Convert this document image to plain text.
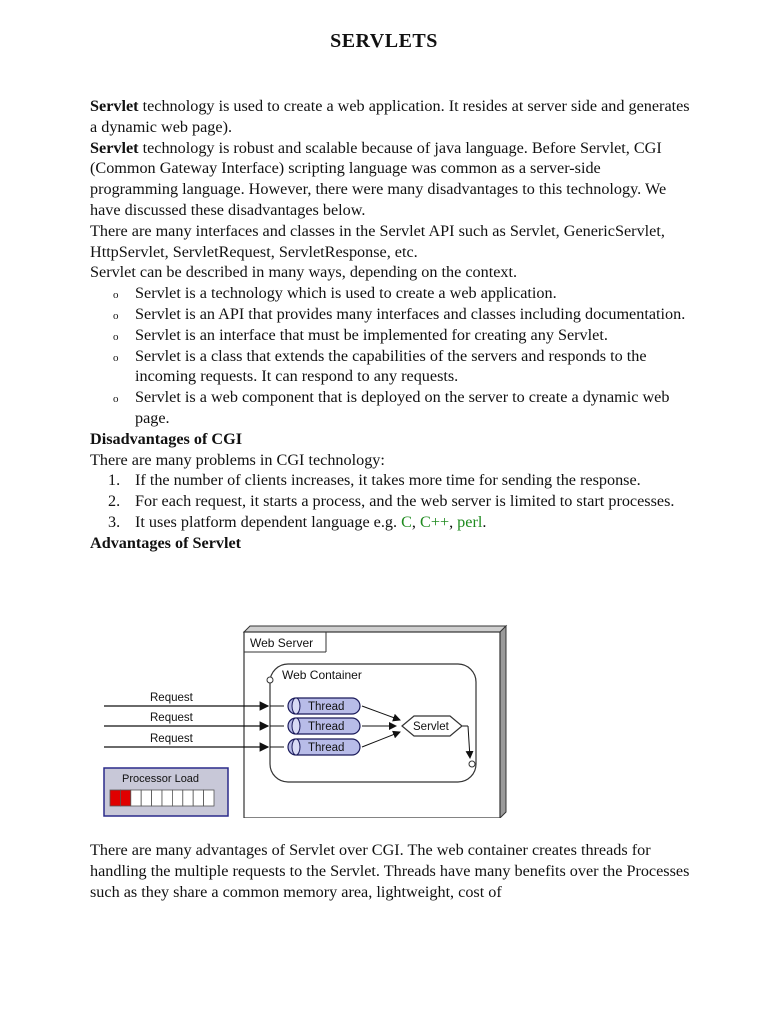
SERVLETS

Servlet technology is used to create a web application. It resides at server side and generates a dynamic web page).

Servlet technology is robust and scalable because of java language. Before Servlet, CGI (Common Gateway Interface) scripting language was common as a server-side programming language. However, there were many disadvantages to this technology. We have discussed these disadvantages below.

There are many interfaces and classes in the Servlet API such as Servlet, GenericServlet, HttpServlet, ServletRequest, ServletResponse, etc.

Servlet can be described in many ways, depending on the context.

o Servlet is a technology which is used to create a web application.
o Servlet is an API that provides many interfaces and classes including documentation.
o Servlet is an interface that must be implemented for creating any Servlet.
o Servlet is a class that extends the capabilities of the servers and responds to the incoming requests. It can respond to any requests.
o Servlet is a web component that is deployed on the server to create a dynamic web page.

Disadvantages of CGI

There are many problems in CGI technology:

1. If the number of clients increases, it takes more time for sending the response.
2. For each request, it starts a process, and the web server is limited to start processes.
3. It uses platform dependent language e.g. C, C++, perl.

Advantages of Servlet

Web Server
Web Container
Request
Request
Request
Thread
Thread
Thread
Servlet
Processor Load

There are many advantages of Servlet over CGI. The web container creates threads for handling the multiple requests to the Servlet. Threads have many benefits over the Processes such as they share a common memory area, lightweight, cost of
